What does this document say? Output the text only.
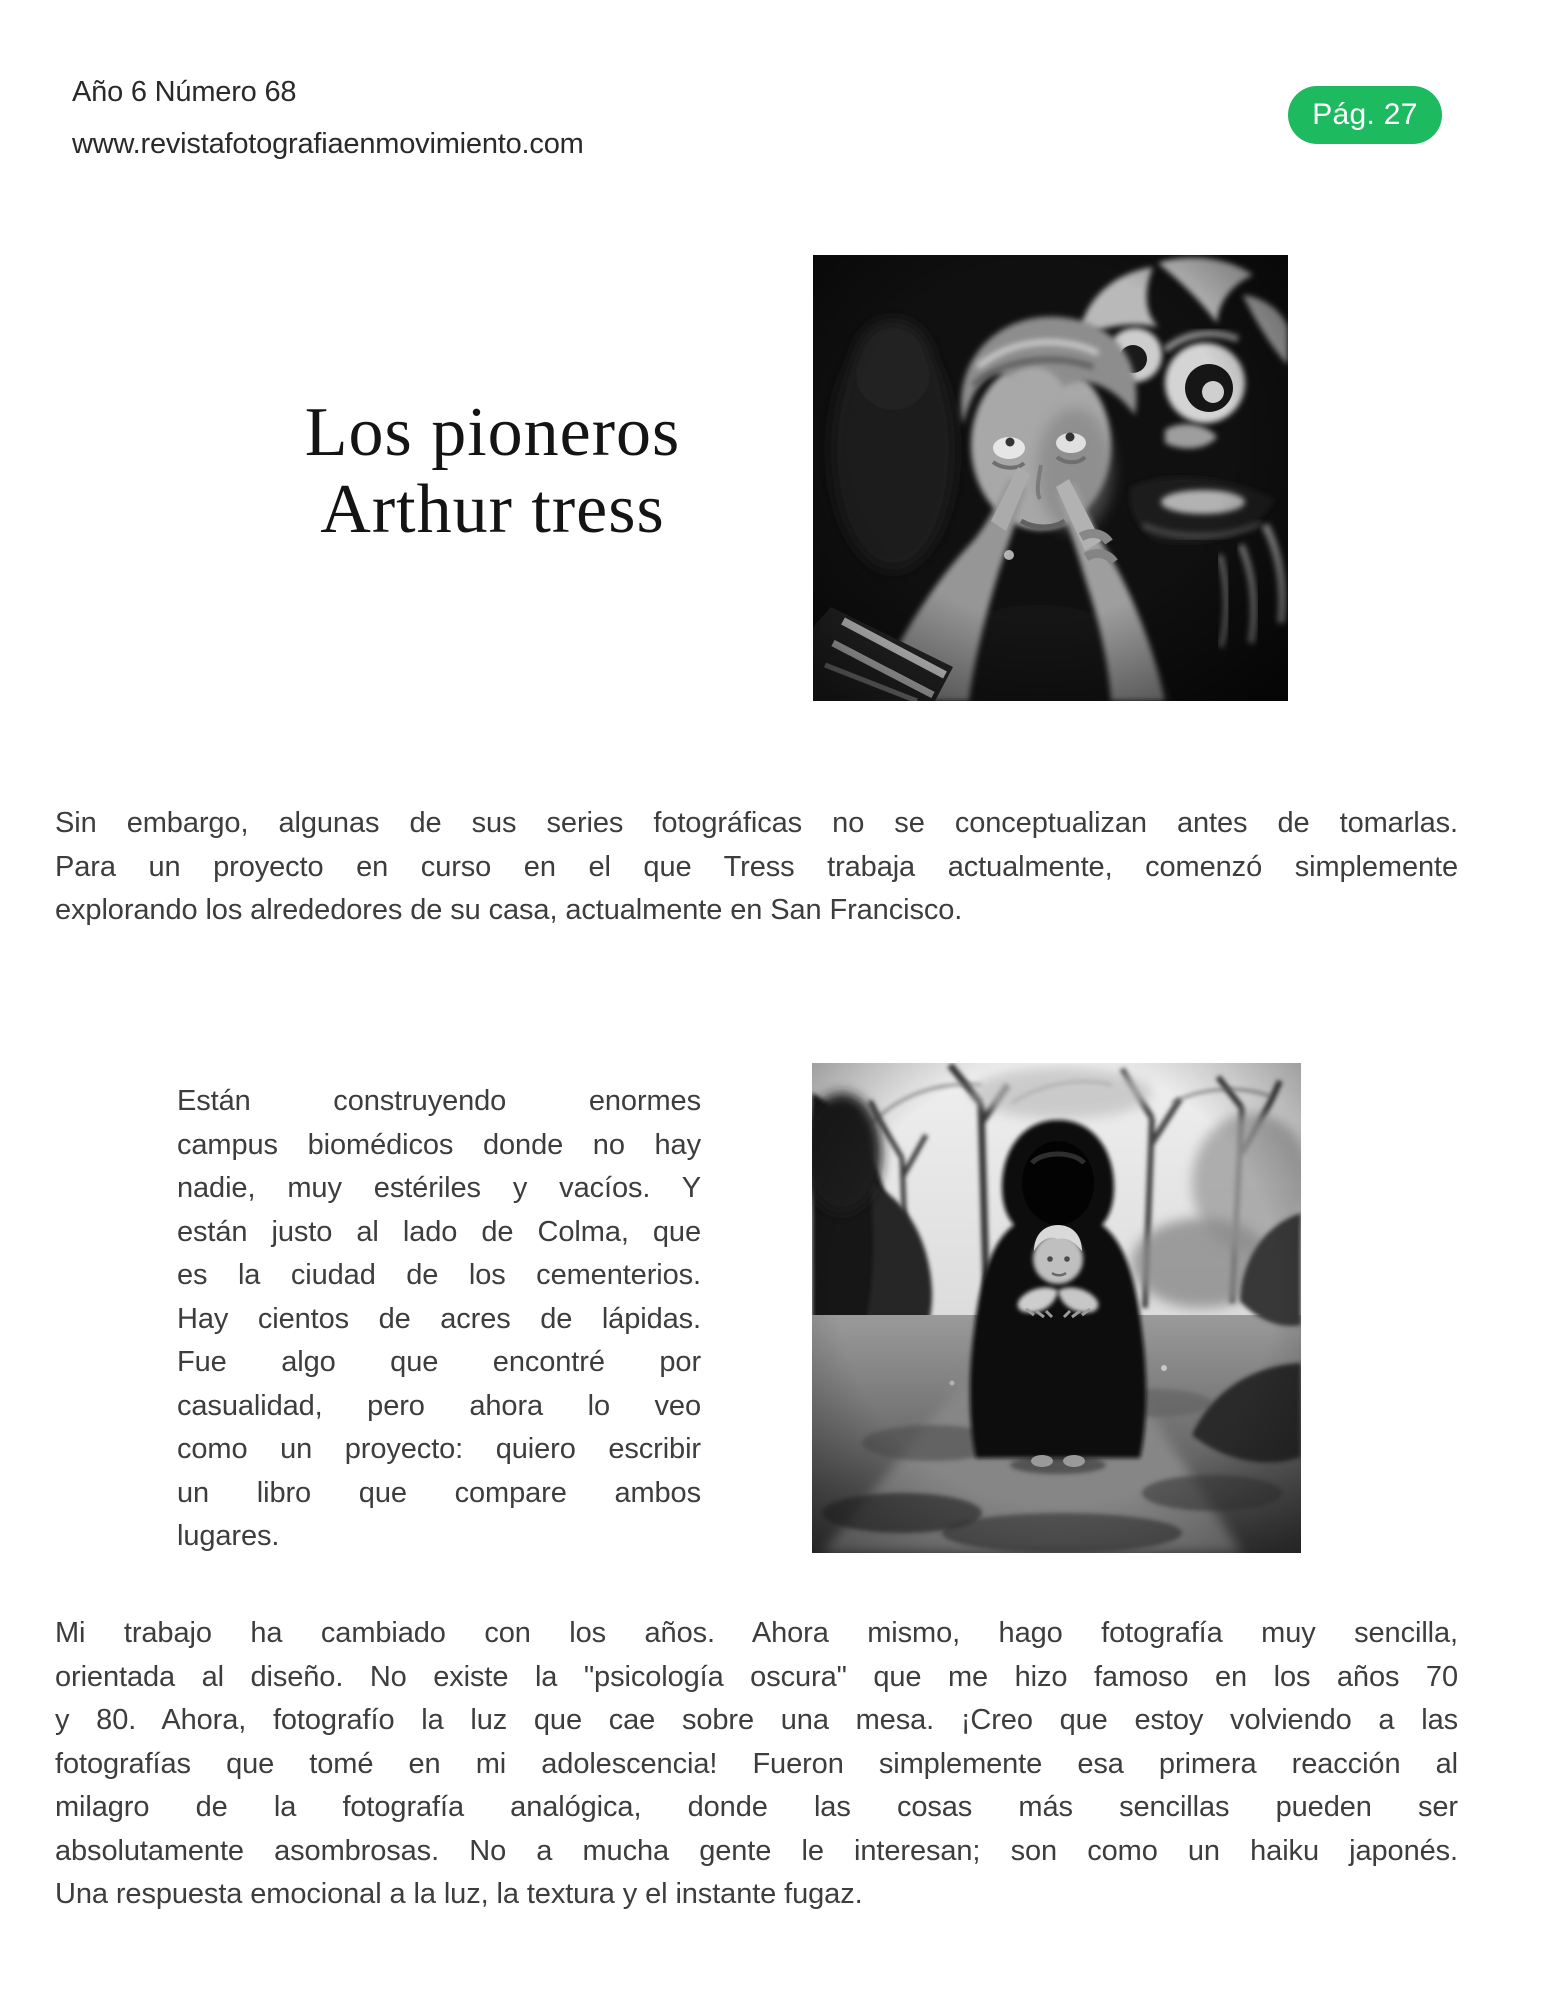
Año 6 Número 68
www.revistafotografiaenmovimiento.com
Pág. 27
Los pioneros
Arthur tress
Sin embargo, algunas de sus series fotográficas no se conceptualizan antes de tomarlas.
Para un proyecto en curso en el que Tress trabaja actualmente, comenzó simplemente
explorando los alrededores de su casa, actualmente en San Francisco.
Están construyendo enormes
campus biomédicos donde no hay
nadie, muy estériles y vacíos. Y
están justo al lado de Colma, que
es la ciudad de los cementerios.
Hay cientos de acres de lápidas.
Fue algo que encontré por
casualidad, pero ahora lo veo
como un proyecto: quiero escribir
un libro que compare ambos
lugares.
Mi trabajo ha cambiado con los años. Ahora mismo, hago fotografía muy sencilla,
orientada al diseño. No existe la "psicología oscura" que me hizo famoso en los años 70
y 80. Ahora, fotografío la luz que cae sobre una mesa. ¡Creo que estoy volviendo a las
fotografías que tomé en mi adolescencia! Fueron simplemente esa primera reacción al
milagro de la fotografía analógica, donde las cosas más sencillas pueden ser
absolutamente asombrosas. No a mucha gente le interesan; son como un haiku japonés.
Una respuesta emocional a la luz, la textura y el instante fugaz.
